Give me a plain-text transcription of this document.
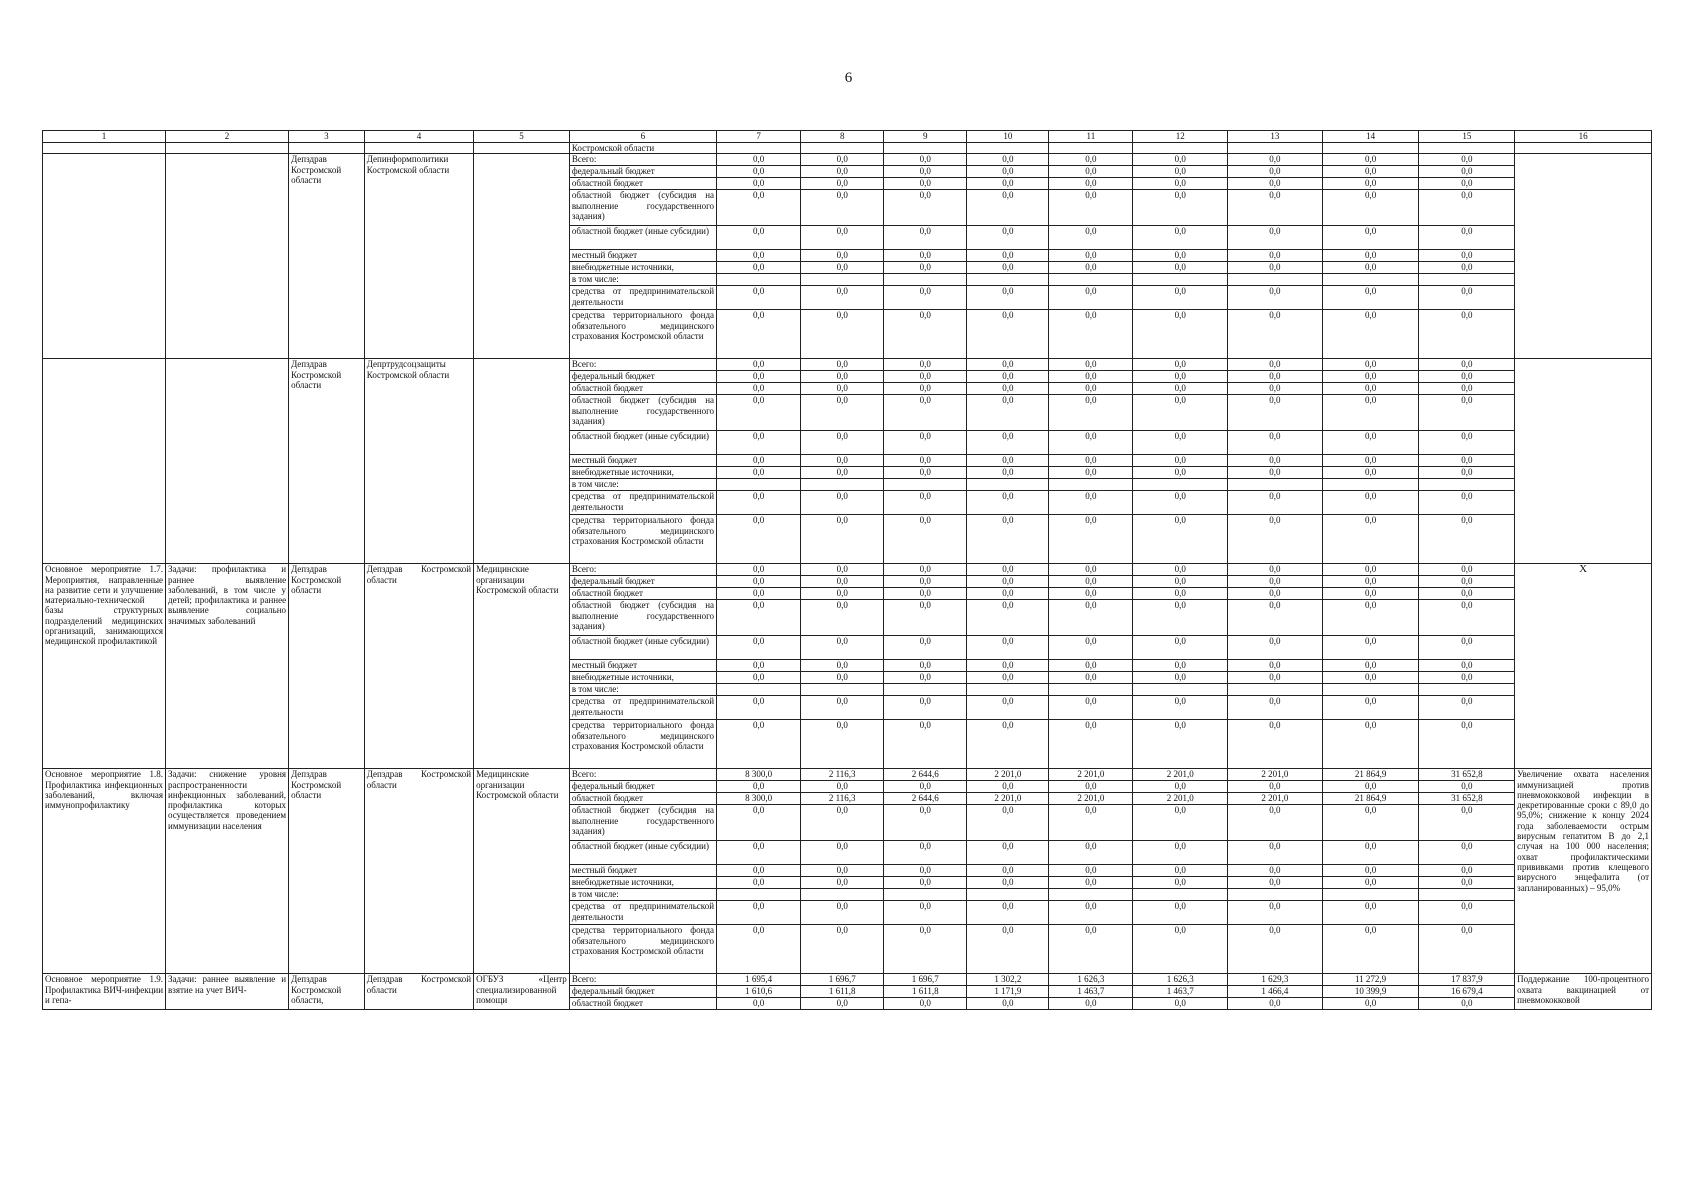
6
1	2	3	4	5	6	7	8	9	10	11	12	13	14	15	16
					Костромской области										
		Депздрав Костромской области	Депинформполитики Костромской области		Всего:	0,0	0,0	0,0	0,0	0,0	0,0	0,0	0,0	0,0	
					федеральный бюджет	0,0	0,0	0,0	0,0	0,0	0,0	0,0	0,0	0,0	
					областной бюджет	0,0	0,0	0,0	0,0	0,0	0,0	0,0	0,0	0,0	
					областной бюджет (субсидия на выполнение государственного задания)	0,0	0,0	0,0	0,0	0,0	0,0	0,0	0,0	0,0	
					областной бюджет (иные субсидии)	0,0	0,0	0,0	0,0	0,0	0,0	0,0	0,0	0,0	
					местный бюджет	0,0	0,0	0,0	0,0	0,0	0,0	0,0	0,0	0,0	
					внебюджетные источники,	0,0	0,0	0,0	0,0	0,0	0,0	0,0	0,0	0,0	
					в том числе:										
					средства от предпринимательской деятельности	0,0	0,0	0,0	0,0	0,0	0,0	0,0	0,0	0,0	
					средства территориального фонда обязательного медицинского страхования Костромской области	0,0	0,0	0,0	0,0	0,0	0,0	0,0	0,0	0,0	
		Депздрав Костромской области	Депртрудсоцзащиты Костромской области		Всего:	0,0	0,0	0,0	0,0	0,0	0,0	0,0	0,0	0,0	
					федеральный бюджет	0,0	0,0	0,0	0,0	0,0	0,0	0,0	0,0	0,0	
					областной бюджет	0,0	0,0	0,0	0,0	0,0	0,0	0,0	0,0	0,0	
					областной бюджет (субсидия на выполнение государственного задания)	0,0	0,0	0,0	0,0	0,0	0,0	0,0	0,0	0,0	
					областной бюджет (иные субсидии)	0,0	0,0	0,0	0,0	0,0	0,0	0,0	0,0	0,0	
					местный бюджет	0,0	0,0	0,0	0,0	0,0	0,0	0,0	0,0	0,0	
					внебюджетные источники,	0,0	0,0	0,0	0,0	0,0	0,0	0,0	0,0	0,0	
					в том числе:										
					средства от предпринимательской деятельности	0,0	0,0	0,0	0,0	0,0	0,0	0,0	0,0	0,0	
					средства территориального фонда обязательного медицинского страхования Костромской области	0,0	0,0	0,0	0,0	0,0	0,0	0,0	0,0	0,0	
Основное мероприятие 1.7. Мероприятия, направленные на развитие сети и улучшение материально-технической базы структурных подразделений медицинских организаций, занимающихся медицинской профилактикой	Задачи: профилактика и раннее выявление заболеваний, в том числе у детей; профилактика и раннее выявление социально значимых заболеваний	Депздрав Костромской области	Депздрав Костромской области	Медицинские организации Костромской области	Всего:	0,0	0,0	0,0	0,0	0,0	0,0	0,0	0,0	0,0	Х
					федеральный бюджет	0,0	0,0	0,0	0,0	0,0	0,0	0,0	0,0	0,0	
					областной бюджет	0,0	0,0	0,0	0,0	0,0	0,0	0,0	0,0	0,0	
					областной бюджет (субсидия на выполнение государственного задания)	0,0	0,0	0,0	0,0	0,0	0,0	0,0	0,0	0,0	
					областной бюджет (иные субсидии)	0,0	0,0	0,0	0,0	0,0	0,0	0,0	0,0	0,0	
					местный бюджет	0,0	0,0	0,0	0,0	0,0	0,0	0,0	0,0	0,0	
					внебюджетные источники,	0,0	0,0	0,0	0,0	0,0	0,0	0,0	0,0	0,0	
					в том числе:										
					средства от предпринимательской деятельности	0,0	0,0	0,0	0,0	0,0	0,0	0,0	0,0	0,0	
					средства территориального фонда обязательного медицинского страхования Костромской области	0,0	0,0	0,0	0,0	0,0	0,0	0,0	0,0	0,0	
Основное мероприятие 1.8. Профилактика инфекционных заболеваний, включая иммунопрофилактику	Задачи: снижение уровня распространенности инфекционных заболеваний, профилактика которых осуществляется проведением иммунизации населения	Депздрав Костромской области	Депздрав Костромской области	Медицинские организации Костромской области	Всего:	8 300,0	2 116,3	2 644,6	2 201,0	2 201,0	2 201,0	2 201,0	21 864,9	31 652,8	Увеличение охвата населения иммунизацией против пневмококковой инфекции в декретированные сроки с 89,0 до 95,0%; снижение к концу 2024 года заболеваемости острым вирусным гепатитом В до 2,1 случая на 100 000 населения; охват профилактическими прививками против клещевого вирусного энцефалита (от запланированных) – 95,0%
					федеральный бюджет	0,0	0,0	0,0	0,0	0,0	0,0	0,0	0,0	0,0	
					областной бюджет	8 300,0	2 116,3	2 644,6	2 201,0	2 201,0	2 201,0	2 201,0	21 864,9	31 652,8	
					областной бюджет (субсидия на выполнение государственного задания)	0,0	0,0	0,0	0,0	0,0	0,0	0,0	0,0	0,0	
					областной бюджет (иные субсидии)	0,0	0,0	0,0	0,0	0,0	0,0	0,0	0,0	0,0	
					местный бюджет	0,0	0,0	0,0	0,0	0,0	0,0	0,0	0,0	0,0	
					внебюджетные источники,	0,0	0,0	0,0	0,0	0,0	0,0	0,0	0,0	0,0	
					в том числе:										
					средства от предпринимательской деятельности	0,0	0,0	0,0	0,0	0,0	0,0	0,0	0,0	0,0	
					средства территориального фонда обязательного медицинского страхования Костромской области	0,0	0,0	0,0	0,0	0,0	0,0	0,0	0,0	0,0	
Основное мероприятие 1.9. Профилактика ВИЧ-инфекции и гепа-	Задачи: раннее выявление и взятие на учет ВИЧ-	Депздрав Костромской области,	Депздрав Костромской области	ОГБУЗ «Центр специализированной помощи	Всего:	1 695,4	1 696,7	1 696,7	1 302,2	1 626,3	1 626,3	1 629,3	11 272,9	17 837,9	Поддержание 100-процентного охвата вакцинацией от пневмококковой
					федеральный бюджет	1 610,6	1 611,8	1 611,8	1 171,9	1 463,7	1 463,7	1 466,4	10 399,9	16 679,4	
					областной бюджет	0,0	0,0	0,0	0,0	0,0	0,0	0,0	0,0	0,0	
